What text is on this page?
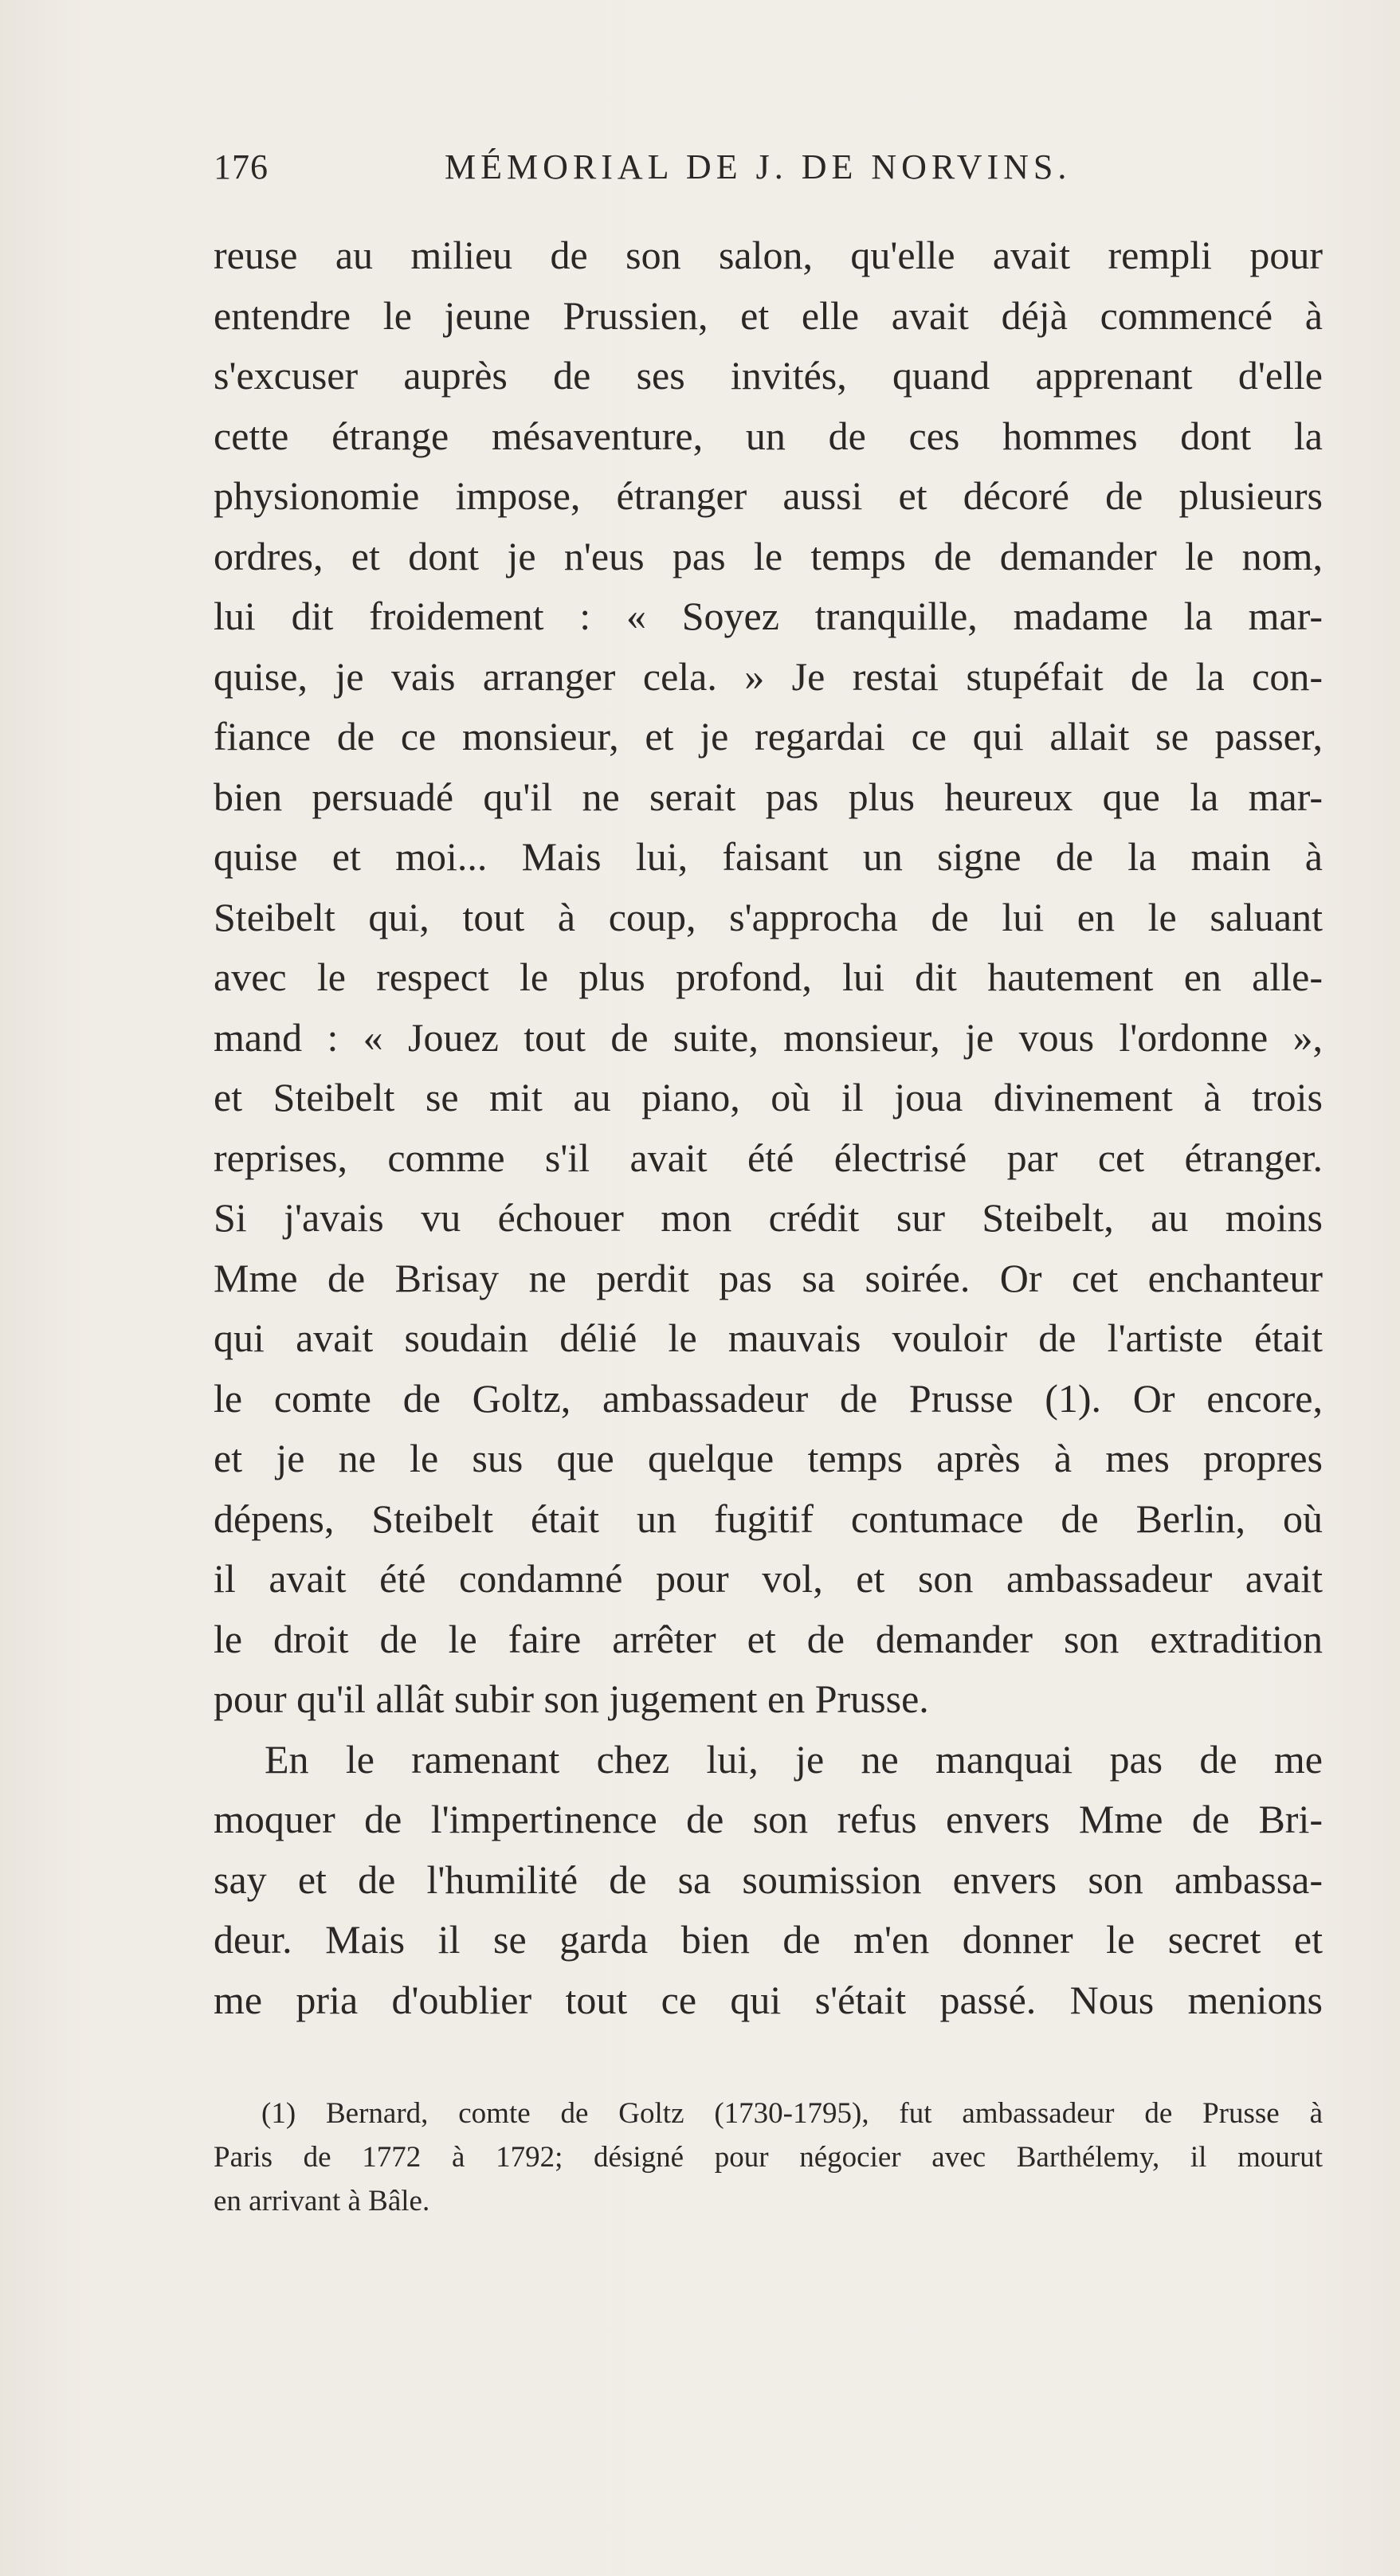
176	MÉMORIAL DE J. DE NORVINS.
reuse au milieu de son salon, qu'elle avait rempli pour
entendre le jeune Prussien, et elle avait déjà commencé à
s'excuser auprès de ses invités, quand apprenant d'elle
cette étrange mésaventure, un de ces hommes dont la
physionomie impose, étranger aussi et décoré de plusieurs
ordres, et dont je n'eus pas le temps de demander le nom,
lui dit froidement : « Soyez tranquille, madame la mar-
quise, je vais arranger cela. » Je restai stupéfait de la con-
fiance de ce monsieur, et je regardai ce qui allait se passer,
bien persuadé qu'il ne serait pas plus heureux que la mar-
quise et moi... Mais lui, faisant un signe de la main à
Steibelt qui, tout à coup, s'approcha de lui en le saluant
avec le respect le plus profond, lui dit hautement en alle-
mand : « Jouez tout de suite, monsieur, je vous l'ordonne »,
et Steibelt se mit au piano, où il joua divinement à trois
reprises, comme s'il avait été électrisé par cet étranger.
Si j'avais vu échouer mon crédit sur Steibelt, au moins
Mme de Brisay ne perdit pas sa soirée. Or cet enchanteur
qui avait soudain délié le mauvais vouloir de l'artiste était
le comte de Goltz, ambassadeur de Prusse (1). Or encore,
et je ne le sus que quelque temps après à mes propres
dépens, Steibelt était un fugitif contumace de Berlin, où
il avait été condamné pour vol, et son ambassadeur avait
le droit de le faire arrêter et de demander son extradition
pour qu'il allât subir son jugement en Prusse.
En le ramenant chez lui, je ne manquai pas de me
moquer de l'impertinence de son refus envers Mme de Bri-
say et de l'humilité de sa soumission envers son ambassa-
deur. Mais il se garda bien de m'en donner le secret et
me pria d'oublier tout ce qui s'était passé. Nous menions
(1) Bernard, comte de Goltz (1730-1795), fut ambassadeur de Prusse à
Paris de 1772 à 1792; désigné pour négocier avec Barthélemy, il mourut
en arrivant à Bâle.
